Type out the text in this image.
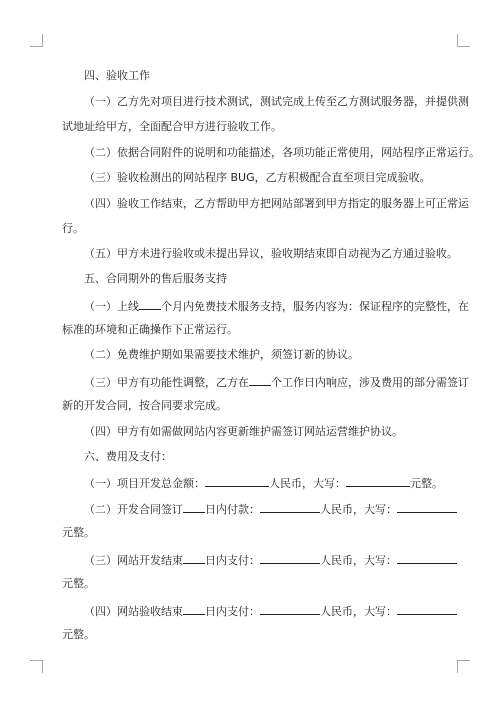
四、验收工作
（一）乙方先对项目进行技术测试，测试完成上传至乙方测试服务器，并提供测
试地址给甲方，全面配合甲方进行验收工作。
（二）依据合同附件的说明和功能描述，各项功能正常使用，网站程序正常运行。
（三）验收检测出的网站程序 BUG，乙方积极配合直至项目完成验收。
（四）验收工作结束，乙方帮助甲方把网站部署到甲方指定的服务器上可正常运
行。
（五）甲方未进行验收或未提出异议，验收期结束即自动视为乙方通过验收。
五、合同期外的售后服务支持
（一）上线 个月内免费技术服务支持，服务内容为：保证程序的完整性，在
标准的环境和正确操作下正常运行。
（二）免费维护期如果需要技术维护，须签订新的协议。
（三）甲方有功能性调整，乙方在 个工作日内响应，涉及费用的部分需签订
新的开发合同，按合同要求完成。
（四）甲方有如需做网站内容更新维护需签订网站运营维护协议。
六、费用及支付：
（一）项目开发总金额：	人民币，大写：	元整。
（二）开发合同签订 日内付款：	人民币，大写：
元整。
（三）网站开发结束 日内支付：	人民币，大写：
元整。
（四）网站验收结束 日内支付：	人民币，大写：
元整。
